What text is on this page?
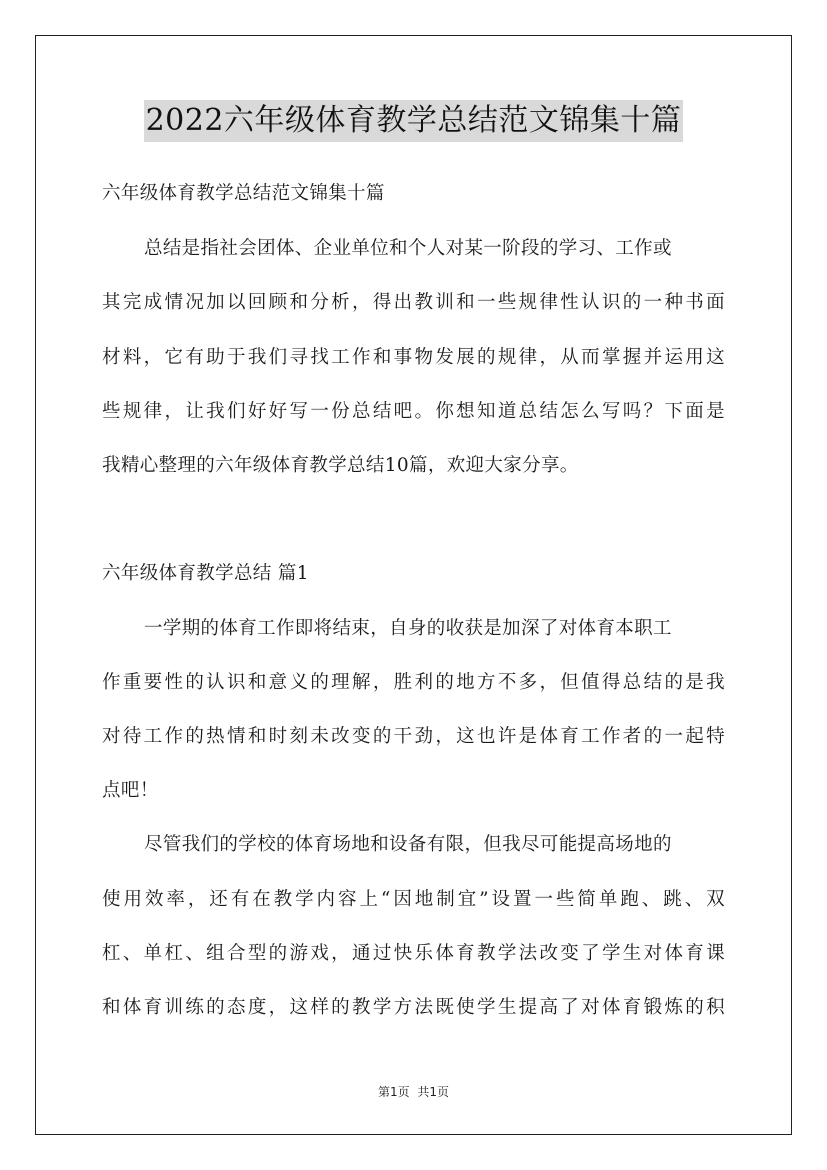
2022六年级体育教学总结范文锦集十篇
六年级体育教学总结范文锦集十篇
总结是指社会团体、企业单位和个人对某一阶段的学习、工作或
其完成情况加以回顾和分析，得出教训和一些规律性认识的一种书面
材料，它有助于我们寻找工作和事物发展的规律，从而掌握并运用这
些规律，让我们好好写一份总结吧。你想知道总结怎么写吗？下面是
我精心整理的六年级体育教学总结10篇，欢迎大家分享。
六年级体育教学总结 篇1
一学期的体育工作即将结束，自身的收获是加深了对体育本职工
作重要性的认识和意义的理解，胜利的地方不多，但值得总结的是我
对待工作的热情和时刻未改变的干劲，这也许是体育工作者的一起特
点吧！
尽管我们的学校的体育场地和设备有限，但我尽可能提高场地的
使用效率，还有在教学内容上“因地制宜”设置一些简单跑、跳、双
杠、单杠、组合型的游戏，通过快乐体育教学法改变了学生对体育课
和体育训练的态度，这样的教学方法既使学生提高了对体育锻炼的积
第1页 共1页
